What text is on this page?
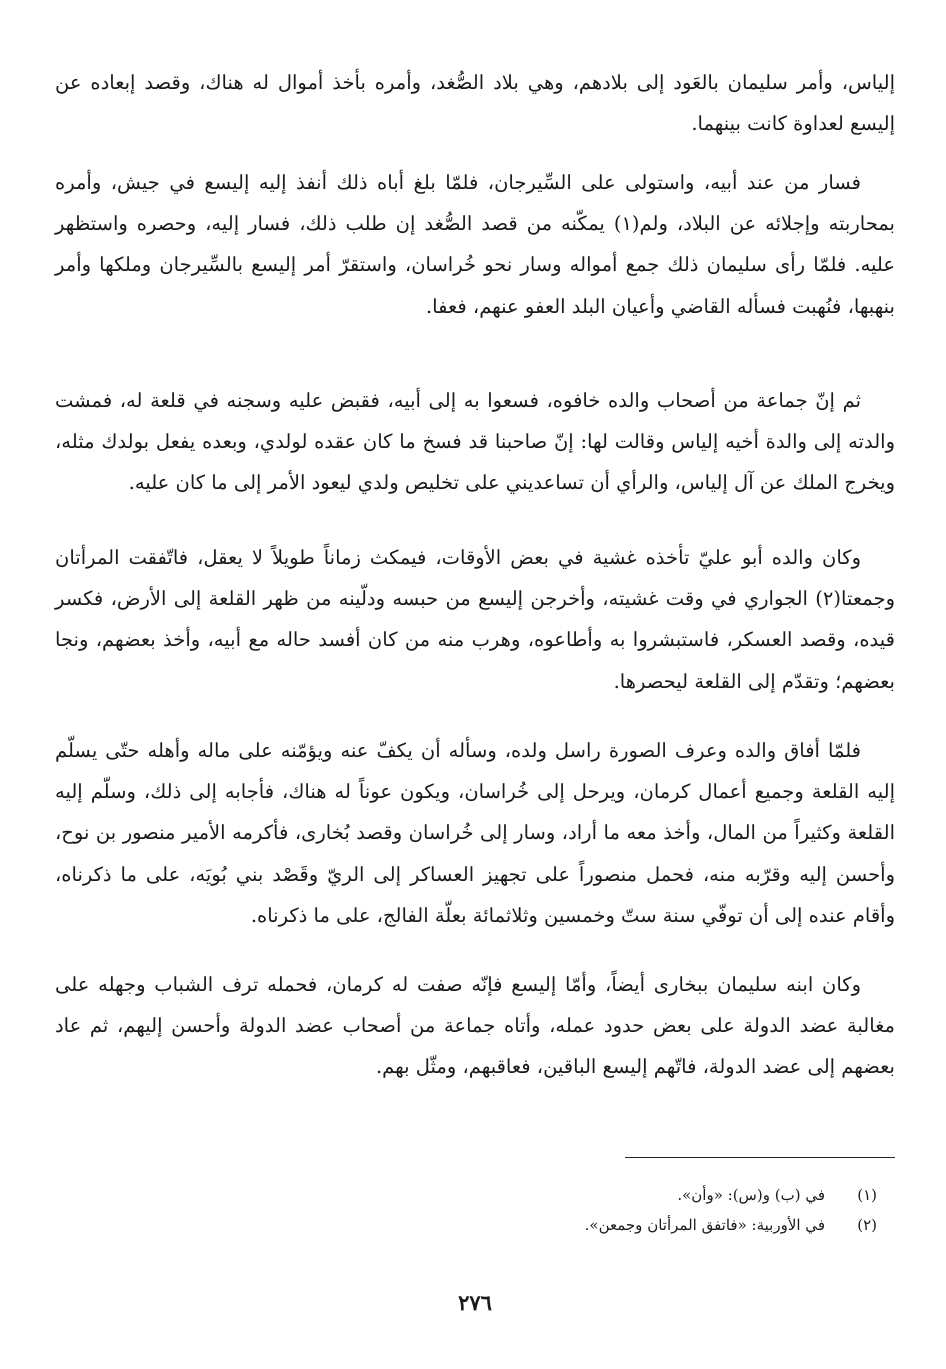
إلياس، وأمر سليمان بالعَود إلى بلادهم، وهي بلاد الصُّغد، وأمره بأخذ أموال له هناك، وقصد إبعاده عن إليسع لعداوة كانت بينهما.

فسار من عند أبيه، واستولى على السِّيرجان، فلمّا بلغ أباه ذلك أنفذ إليه إليسع في جيش، وأمره بمحاربته وإجلائه عن البلاد، ولم(١) يمكّنه من قصد الصُّغد إن طلب ذلك، فسار إليه، وحصره واستظهر عليه. فلمّا رأى سليمان ذلك جمع أمواله وسار نحو خُراسان، واستقرّ أمر إليسع بالسِّيرجان وملكها وأمر بنهبها، فنُهبت فسأله القاضي وأعيان البلد العفو عنهم، فعفا.

ثم إنّ جماعة من أصحاب والده خافوه، فسعوا به إلى أبيه، فقبض عليه وسجنه في قلعة له، فمشت والدته إلى والدة أخيه إلياس وقالت لها: إنّ صاحبنا قد فسخ ما كان عقده لولدي، وبعده يفعل بولدك مثله، ويخرج الملك عن آل إلياس، والرأي أن تساعديني على تخليص ولدي ليعود الأمر إلى ما كان عليه.

وكان والده أبو عليّ تأخذه غشية في بعض الأوقات، فيمكث زماناً طويلاً لا يعقل، فاتّفقت المرأتان وجمعتا(٢) الجواري في وقت غشيته، وأخرجن إليسع من حبسه ودلّينه من ظهر القلعة إلى الأرض، فكسر قيده، وقصد العسكر، فاستبشروا به وأطاعوه، وهرب منه من كان أفسد حاله مع أبيه، وأخذ بعضهم، ونجا بعضهم؛ وتقدّم إلى القلعة ليحصرها.

فلمّا أفاق والده وعرف الصورة راسل ولده، وسأله أن يكفّ عنه ويؤمّنه على ماله وأهله حتّى يسلّم إليه القلعة وجميع أعمال كرمان، ويرحل إلى خُراسان، ويكون عوناً له هناك، فأجابه إلى ذلك، وسلّم إليه القلعة وكثيراً من المال، وأخذ معه ما أراد، وسار إلى خُراسان وقصد بُخارى، فأكرمه الأمير منصور بن نوح، وأحسن إليه وقرّبه منه، فحمل منصوراً على تجهيز العساكر إلى الريّ وقَصْد بني بُويَه، على ما ذكرناه، وأقام عنده إلى أن توفّي سنة ستّ وخمسين وثلاثمائة بعلّة الفالج، على ما ذكرناه.

وكان ابنه سليمان ببخارى أيضاً، وأمّا إليسع فإنّه صفت له كرمان، فحمله ترف الشباب وجهله على مغالبة عضد الدولة على بعض حدود عمله، وأتاه جماعة من أصحاب عضد الدولة وأحسن إليهم، ثم عاد بعضهم إلى عضد الدولة، فاتّهم إليسع الباقين، فعاقبهم، ومثّل بهم.

(١)
في (ب) و(س): «وأن».
(٢)
في الأوربية: «فاتفق المرأتان وجمعن».
٢٧٦
